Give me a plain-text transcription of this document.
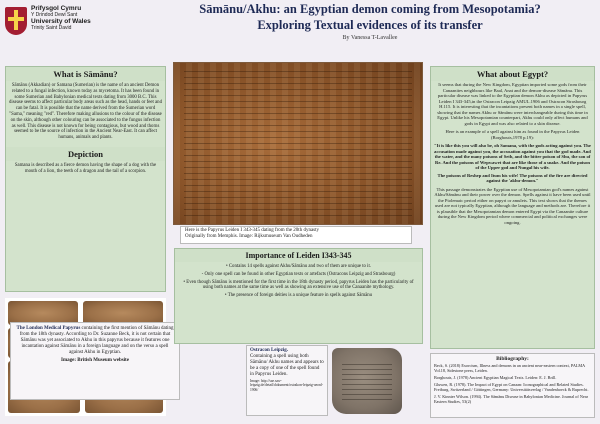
Prifysgol Cymru
Y Drindod Dewi Sant

University of Wales
Trinity Saint David
Sāmānu/Akhu: an Egyptian demon coming from Mesopotamia?
Exploring Textual evidences of its transfer
By Vanessa T-Lavallee
What is Sāmānu?
Sāmānu (Akkadian) or Samana (Sumerian) is the name of an ancient Demon related to a fungal infection, known today as mycetoma. It has been found in some Sumerian and Babylonian medical texts dating from 3000 B.C. This disease seems to affect particular body areas such as the head, hands or feet and can be fatal. It is possible that the name derived from the Sumerian word "Sama," meaning "red". Therefore making allusions to the colour of the disease on the skin, although other colouring can be associated to the fungus infection as well. This disease is not known for being contagious, but wood and thorns seemed to be the source of infection in the Ancient Near-East. It can affect humans, animals and plants.
Depiction
Samana is described as a fierce demon having the shape of a dog with the mouth of a lion, the teeth of a dragon and the tail of a scorpion.
The London Medical Papyrus containing the first mention of Sāmānu dating from the 18th dynasty. According to Dr. Suzanne Beck, it is not certain that Sāmānu was yet associated to Akhu in this papyrus because it features one incantation against Sāmānu in a foreign language and on the verso a spell against Akhu in Egyptian.
Image: British Museum website
Here is the Papyrus Leiden I 343-345 dating from the 20th dynasty
Originally from Memphis. Image: Rijksmuseum Van Oudheden
Importance of Leiden I343-345

• Contains 14 spells against Akhu/Sāmānu and two of them are unique to it.

◦ Only one spell can be found in other Egyptian texts or artefacts (Ostracons Leipzig and Strasbourg)

• Even though Sāmānu is mentioned for the first time in the 18th dynasty period, papyrus Leiden has the particularity of using both names at the same time as well as showing an extensive use of the Canaanite mythology.

• The presence of foreign deities is a unique feature in spells against Sāmānu

Ostracon Leipzig.
Containing a spell using both Sāmānu/ Akhu names and appears to be a copy of one of the spell found in Papyrus Leiden.
Image: http://sae.saw-leipzig.de/detail/dokument/ostrakon-leipzig-aeonl-1906/
What about Egypt?
It seems that during the New Kingdom, Egyptian imported some gods from their Canaanites neighbours like Baal, Anat and the demon-disease Sāmānu. This particular disease was linked to the Egyptian demon Akhu as depicted in Papyrus Leiden I 343-345,in the Ostracon Leipzig AMUL.1906 and Ostracon Strasbourg H.115. It is interesting that the incantations present both names in a single spell, showing that the names Akhu or Sāmānu were interchangeable during this time in Egypt. Unlike his Mesopotamian counterpart, Akhu could only affect humans and gods in Egypt and was also related to a skin disease.
Here is an example of a spell against him as found in the Papyrus Leiden (Borghouts,1978 p.19):
"It is like this you will also be, oh Samana, with the gods acting against you. The accusation made against you, the accusation against you that the god made. And the water, and the many poisons of Seth, and the bitter poison of Shu, the son of Re. And the poisons of Wepwawet that are like those of a snake. And the poison of the Upper god and Nungal his wife.
The poisons of Reshep and Itum his wife! The poisons of the fire are directed against the 'akhu-demon."
This passage demonstrates the Egyptian use of Mesopotamian god's names against Akhu/Sāmānu and their power over the demon. Spells against it have been used until the Ptolemaic period either on papyri or amulets. This text shows that the themes used are not typically Egyptian, although the language and methods are. Therefore it is plausible that the Mesopotamian demon entered Egypt via the Canaanite culture during the New Kingdom period where commercial and political exchanges were ongoing.
Bibliography:

Beck, S. (2018) Exorcism, Illness and demons in an ancient near-eastern context, PALMA Vol.18, Sidestone press, Leiden.

Borghouts, J. (1978) Ancient Egyptian Magical Texts. Leiden: E. J. Brill.

Gluwen, R. (1978). The Impact of Egypt on Canaan: Iconographical and Related Studies. Freiburg, Switzerland / Göttingen, Germany: Universitätsverlag / Vandenhoeck & Ruprecht.

J. V. Kinnier Wilson. (1994). The Sāmānu Disease in Babylonian Medicine. Journal of Near Eastern Studies, 53(2)
